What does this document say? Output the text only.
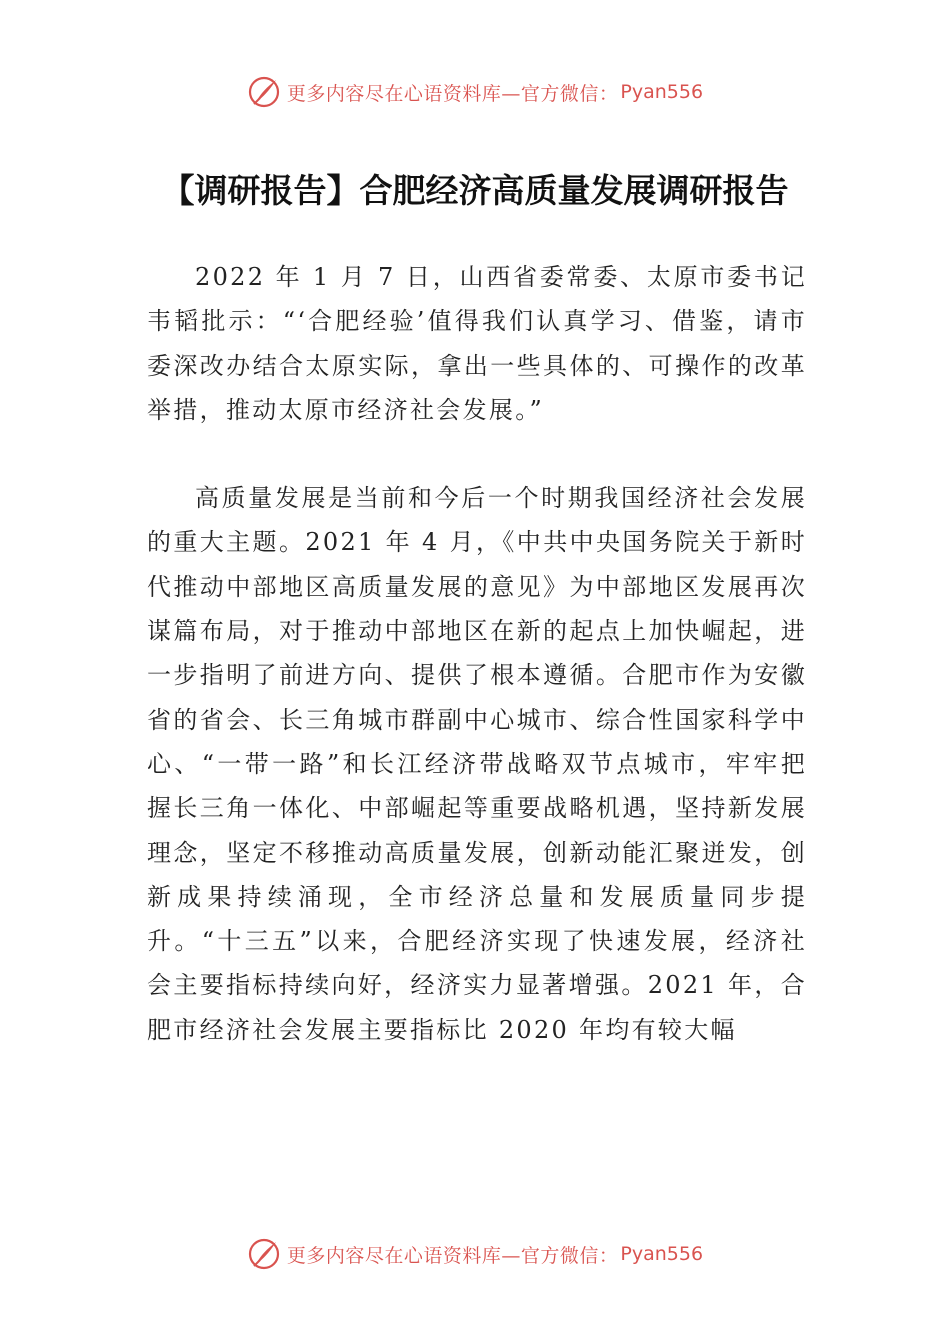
更多内容尽在心语资料库—官方微信： Pyan556
【调研报告】合肥经济高质量发展调研报告

2022 年 1 月 7 日，山西省委常委、太原市委书记韦韬批示：“‘合肥经验’值得我们认真学习、借鉴，请市委深改办结合太原实际，拿出一些具体的、可操作的改革举措，推动太原市经济社会发展。”

高质量发展是当前和今后一个时期我国经济社会发展的重大主题。2021 年 4 月，《中共中央国务院关于新时代推动中部地区高质量发展的意见》为中部地区发展再次谋篇布局，对于推动中部地区在新的起点上加快崛起，进一步指明了前进方向、提供了根本遵循。合肥市作为安徽省的省会、长三角城市群副中心城市、综合性国家科学中心、“一带一路”和长江经济带战略双节点城市，牢牢把握长三角一体化、中部崛起等重要战略机遇，坚持新发展理念，坚定不移推动高质量发展，创新动能汇聚迸发，创新成果持续涌现，全市经济总量和发展质量同步提升。“十三五”以来，合肥经济实现了快速发展，经济社会主要指标持续向好，经济实力显著增强。2021 年，合肥市经济社会发展主要指标比 2020 年均有较大幅

更多内容尽在心语资料库—官方微信： Pyan556
